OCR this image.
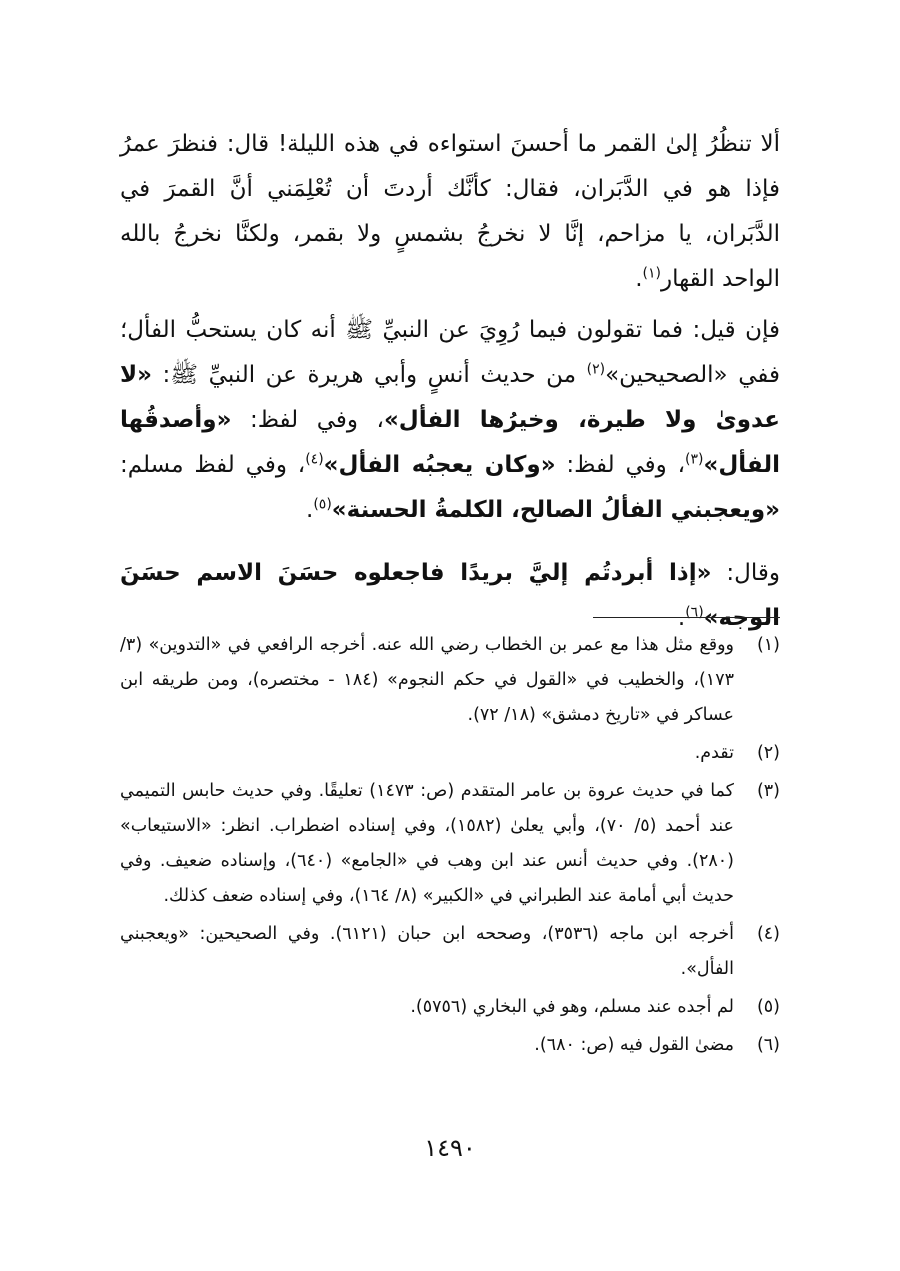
ألا تنظُرُ إلىٰ القمر ما أحسنَ استواءه في هذه الليلة! قال: فنظرَ عمرُ فإذا هو في الدَّبَران، فقال: كأنَّك أردتَ أن تُعْلِمَني أنَّ القمرَ في الدَّبَران، يا مزاحم، إنَّا لا نخرجُ بشمسٍ ولا بقمر، ولكنَّا نخرجُ بالله الواحد القهار$^{(١)}$.

فإن قيل: فما تقولون فيما رُوِيَ عن النبيِّ ﷺ أنه كان يستحبُّ الفأل؛ ففي «الصحيحين»$^{(٢)}$ من حديث أنسٍ وأبي هريرة عن النبيِّ ﷺ: «لا عدوىٰ ولا طيرة، وخيرُها الفأل»، وفي لفظ: «وأصدقُها الفأل»$^{(٣)}$، وفي لفظ: «وكان يعجبُه الفأل»$^{(٤)}$، وفي لفظ مسلم: «ويعجبني الفألُ الصالح، الكلمةُ الحسنة»$^{(٥)}$.

وقال: «إذا أبردتُم إليَّ بريدًا فاجعلوه حسَنَ الاسم حسَنَ الوجه»$^{(٦)}$.

(١)
ووقع مثل هذا مع عمر بن الخطاب رضي الله عنه. أخرجه الرافعي في «التدوين» (٣/ ١٧٣)، والخطيب في «القول في حكم النجوم» (١٨٤ - مختصره)، ومن طريقه ابن عساكر في «تاريخ دمشق» (١٨/ ٧٢).
(٢)
تقدم.
(٣)
كما في حديث عروة بن عامر المتقدم (ص: ١٤٧٣) تعليقًا. وفي حديث حابس التميمي عند أحمد (٥/ ٧٠)، وأبي يعلىٰ (١٥٨٢)، وفي إسناده اضطراب. انظر: «الاستيعاب» (٢٨٠). وفي حديث أنس عند ابن وهب في «الجامع» (٦٤٠)، وإسناده ضعيف. وفي حديث أبي أمامة عند الطبراني في «الكبير» (٨/ ١٦٤)، وفي إسناده ضعف كذلك.
(٤)
أخرجه ابن ماجه (٣٥٣٦)، وصححه ابن حبان (٦١٢١). وفي الصحيحين: «ويعجبني الفأل».
(٥)
لم أجده عند مسلم، وهو في البخاري (٥٧٥٦).
(٦)
مضىٰ القول فيه (ص: ٦٨٠).
١٤٩٠
